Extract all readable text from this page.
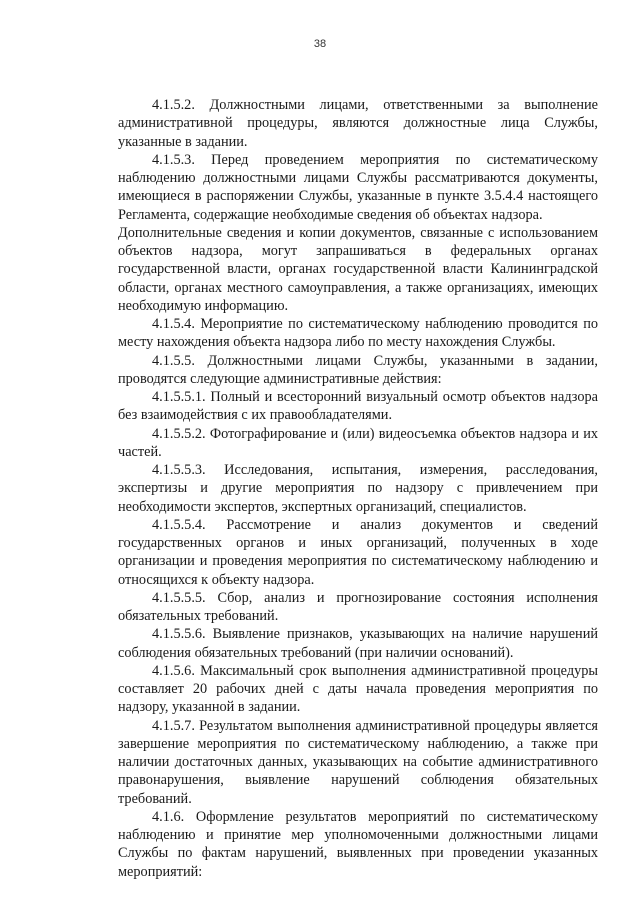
38

4.1.5.2. Должностными лицами, ответственными за выполнение административной процедуры, являются должностные лица Службы, указанные в задании.

4.1.5.3. Перед проведением мероприятия по систематическому наблюдению должностными лицами Службы рассматриваются документы, имеющиеся в распоряжении Службы, указанные в пункте 3.5.4.4 настоящего Регламента, содержащие необходимые сведения об объектах надзора.

Дополнительные сведения и копии документов, связанные с использованием объектов надзора, могут запрашиваться в федеральных органах государственной власти, органах государственной власти Калининградской области, органах местного самоуправления, а также организациях, имеющих необходимую информацию.

4.1.5.4. Мероприятие по систематическому наблюдению проводится по месту нахождения объекта надзора либо по месту нахождения Службы.

4.1.5.5. Должностными лицами Службы, указанными в задании, проводятся следующие административные действия:

4.1.5.5.1. Полный и всесторонний визуальный осмотр объектов надзора без взаимодействия с их правообладателями.

4.1.5.5.2. Фотографирование и (или) видеосъемка объектов надзора и их частей.

4.1.5.5.3. Исследования, испытания, измерения, расследования, экспертизы и другие мероприятия по надзору с привлечением при необходимости экспертов, экспертных организаций, специалистов.

4.1.5.5.4. Рассмотрение и анализ документов и сведений государственных органов и иных организаций, полученных в ходе организации и проведения мероприятия по систематическому наблюдению и относящихся к объекту надзора.

4.1.5.5.5. Сбор, анализ и прогнозирование состояния исполнения обязательных требований.

4.1.5.5.6. Выявление признаков, указывающих на наличие нарушений соблюдения обязательных требований (при наличии оснований).

4.1.5.6. Максимальный срок выполнения административной процедуры составляет 20 рабочих дней с даты начала проведения мероприятия по надзору, указанной в задании.

4.1.5.7. Результатом выполнения административной процедуры является завершение мероприятия по систематическому наблюдению, а также при наличии достаточных данных, указывающих на событие административного правонарушения, выявление нарушений соблюдения обязательных требований.

4.1.6. Оформление результатов мероприятий по систематическому наблюдению и принятие мер уполномоченными должностными лицами Службы по фактам нарушений, выявленных при проведении указанных мероприятий:
